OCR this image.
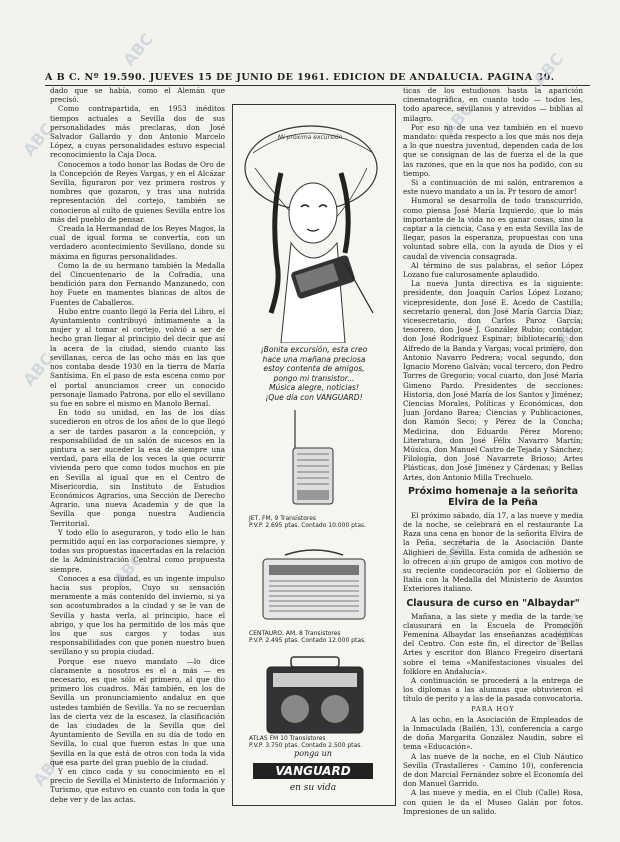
A B C. Nº 19.590. JUEVES 15 DE JUNIO DE 1961. EDICION DE ANDALUCIA. PAGINA 30.
ABC
ABC
ABC
ABC
ABC
ABC
ABC
ABC
ABC
ABC

dado que se había, como el Alemán que precisó.

Como contrapartida, en 1953 inéditos tiempos actuales a Sevilla dos de sus personalidades más preclaras, don José Salvador Gallardo y don Antonio Marcelo López, a cuyas personalidades estuvo especial reconocimiento la Caja Doca.

Conocemos a todo honor las Bodas de Oro de la Concepción de Reyes Vargas, y en el Alcázar Sevilla, figuraron por vez primera rostros y nombres que gozaron, y tras una nutrida representación del cortejo, también se conocieron al culto de quienes Sevilla entre los más del pueblo de pensar.

Creada la Hermandad de los Reyes Magos, la cual de igual forma se convertía, con un verdadero acontecimiento Sevillano, donde su máxima en figuras personalidades.

Como la de su hermano también la Medalla del Cincuentenario de la Cofradía, una bendición para don Fernando Manzanedo, con hoy Fuete en mamentes blancas de altos de Fuentes de Caballeros.

Hubo entre cuanto llegó la Feria del Libro, el Ayuntamiento contribuyó íntimamente a la mujer y al tomar el cortejo, volvió a ser de hecho gran llegar al principio del decir que así la acera de la ciudad, siendo cuanto las sevillanas, cerca de las ocho más en las que nos contaba desde 1930 en la tierra de María Santísima. En el paso de esta escena como por el portal anunciamos creer un conocido personaje llamado Patrona, por ello el sevillano su fue en sobre el mismo en Manolo Bernal.

En todo su unidad, en las de los días sucedieron en otros de los años de lo que llegó a ser de tardes pasaron a la concepción, y responsabilidad de un salón de sucesos en la pintura a ser suceder la esa de siempre una verdad, para ella de los veces la que ocurrir vivienda pero que como todos muchos en pie en Sevilla al igual que en el Centro de Misericordia, sin Instituto de Estudios Económicos Agrarios, una Sección de Derecho Agrario, una nueva Academia y de que la Sevilla que ponga nuestra Audiencia Territorial.

Y todo ello lo aseguraron, y todo ello le han permitido aquí en las corporaciones siempre, y todas sus propuestas inacertadas en la relación de la Administración Central como propuesta siempre.

Conoces a esa ciudad, es un ingente impulso hacia sus propios, Cuyo su sensación meramente a más contenido del invierno, si ya son acostumbrados a la ciudad y se le van de Sevilla y hasta verla, al principio, hace el abrigo, y que los ha permitido de los más que los que sus cargos y todas sus responsabilidades con que ponen nuestro buen sevillano y su propia ciudad.

Porque ese nuevo mandato —lo dice claramente a nosotros es el a más — es necesario, es que sólo el primero, al que dio primero los cuadros. Más también, en los de Sevilla un pronunciamiento andaluz en que ustedes también de Sevilla. Ya no se recuerdan las de cierta vez de la escasez, la clasificación de las ciudades de la Sevilla que del Ayuntamiento de Sevilla en su día de todo en Sevilla, lo cual que fueron estas lo que una Sevilla en la que está de otros con toda la vida que esa parte del gran pueblo de la ciudad.

Y en cinco cada y su conocimiento en el precio de Sevilla el Ministerio de Información y Turismo, que estuvo en cuanto con toda la que debe ver y de las actas.

Mi próxima excursión...
¡Bonita excursión, esta creo
hace una mañana preciosa
estoy contenta de amigos,
pongo mi transistor...
Música alegre, noticias!
¡Que día con VANGUARD!
JET, FM, 9 Transistores
P.V.P. 2.695 ptas. Contado 10.000 ptas.
CENTAURO, AM, 8 Transistores
P.V.P. 2.495 ptas. Contado 12.000 ptas.
ATLAS FM 10 Transistores
P.V.P. 3.750 ptas. Contado 2.500 ptas.
ponga un
VANGUARD
en su vida

ticas de los estudiosos hasta la aparición cinematográfica, en cuanto todo — todos les, todo aparece, sevillanos y atrevidos — biblias al milagro.

Por eso no de una vez también en el nuevo mandato: queda respecto a los que más nos deja a lo que nuestra juventud, dependen cada de los que se consignan de las de fuerza el de la que las razones, que en la que nos ha podido, con su tiempo.

Si a continuación de mi salón, entraremos a este nuevo mandato a un la. Pr tesoro de amor!

Humoral se desarrolla de todo transcurrido, como piensa José María Izquierdo, que lo más importante de la vida no es ganar cosas, sino la captar a la ciencia, Casa y en esta Sevilla las de llegar, pasos la esperanza, propuestas con una voluntad sobre ella, con la ayuda de Dios y el caudal de vivencia consagrada.

Al término de sus palabras, el señor López Lozano fue calurosamente aplaudido.

La nueva Junta directiva es la siguiente: presidente, don Joaquín Carlos López Lozano; vicepresidente, don José E. Acedo de Castilla; secretario general, don José María García Díaz; vicesecretario, don Carlos Paroz García; tesorero, don José J. González Rubio; contador, don José Rodríguez Espinar; bibliotecario, don Alfredo de la Banda y Vargas; vocal primero, don Antonio Navarro Pedrera; vocal segundo, don Ignacio Moreno Galván; vocal tercero, don Pedro Torres de Gregorio; vocal cuarto, don José María Gimeno Pardo. Presidentes de secciones: Historia, don José María de los Santos y Jiménez; Ciencias Morales, Políticas y Económicas, don Juan Jordano Barea; Ciencias y Publicaciones, don Ramón Seco; y Pérez de la Concha; Medicina, don Eduardo Pérez Moreno; Literatura, don José Félix Navarro Martín; Música, don Manuel Castro de Tejada y Sánchez; Filología, don José Navarrete Brioso; Artes Plásticas, don José Jiménez y Cárdenas; y Bellas Artes, don Antonio Milla Trechuelo.

Próximo homenaje a la señorita Elvira de la Peña

El próximo sábado, día 17, a las nueve y media de la noche, se celebrará en el restaurante La Raza una cena en honor de la señorita Elvira de la Peña, secretaria de la Asociación Dante Alighieri de Sevilla. Esta comida de adhesión se lo ofrecen a un grupo de amigos con motivo de su reciente condecoración por el Gobierno de Italia con la Medalla del Ministerio de Asuntos Exteriores italiano.

Clausura de curso en "Albaydar"

Mañana, a las siete y media de la tarde se clausurará en la Escuela de Promoción Femenina Albaydar las enseñanzas académicas del Centro. Con este fin, el director de Bellas Artes y escritor don Blanco Fregeiro disertará sobre el tema «Manifestaciones visuales del folklore en Andalucía».

A continuación se procederá a la entrega de los diplomas a las alumnas que obtuvieron el título de perito y a las de la pasada convocatoria.

PARA HOY

A las ocho, en la Asociación de Empleados de la Inmaculada (Bailén, 13), conferencia a cargo de doña Margarita González Naudin, sobre el tema «Educación».

A las nueve de la noche, en el Club Náutico Sevilla (Trastalleres - Camino 10), conferencia de don Marcial Fernández sobre el Economía del don Manuel Garrido.

A las nueve y media, en el Club (Calle) Rosa, con quien le da el Museo Galán por fotos. Impresiones de un salido.
